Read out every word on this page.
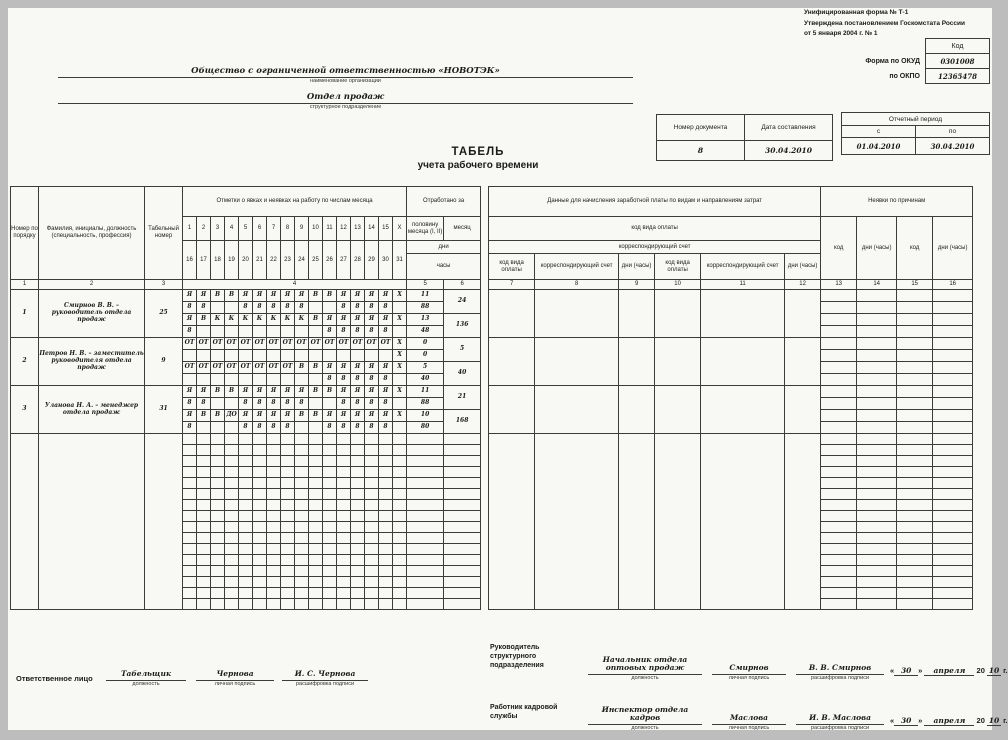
Унифицированная форма № Т-1
Утверждена постановлением Госкомстата России
от 5 января 2004 г. № 1
	Код
Форма по ОКУД	0301008
по ОКПО	12365478
Общество с ограниченной ответственностью «НОВОТЭК»
наименование организации
Отдел продаж
структурное подразделение
Номер документа	Дата составления
8	30.04.2010
Отчетный период	
с	по
01.04.2010	30.04.2010
ТАБЕЛЬ
учета рабочего времени
Номер по порядку	Фамилия, инициалы, должность (специальность, профессия)	Табельный номер	Отметки о явках и неявках на работу по числам месяца																Отработано за			Данные для начисления заработной платы по видам и направлениям затрат						Неявки по причинам			
			1	2	3	4	5	6	7	8	9	10	11	12	13	14	15	Х	половину месяца (I, II)	месяц		код вида оплаты						код	дни (часы)	код	дни (часы)
			16	17	18	19	20	21	22	23	24	25	26	27	28	29	30	31	дни			корреспондирующий счет									
																			часы			код вида оплаты	корреспондирующий счет	дни (часы)	код вида оплаты	корреспондирующий счет	дни (часы)				
1	2	3	4																5	6		7	8	9	10	11	12	13	14	15	16
1	Смирнов В. В. – руководитель отдела продаж	25	Я	Я	В	В	Я	Я	Я	Я	Я	В	В	Я	Я	Я	Я	Х	11	24											
			8	8			8	8	8	8	8			8	8	8	8		88												
			Я	В	К	К	К	К	К	К	К	В	Я	Я	Я	Я	Я	Х	13	136											
			8										8	8	8	8	8		48												
2	Петров Н. В. – заместитель руководителя отдела продаж	9	ОТ	ОТ	ОТ	ОТ	ОТ	ОТ	ОТ	ОТ	ОТ	ОТ	ОТ	ОТ	ОТ	ОТ	ОТ	Х	0	5											
																		Х	0												
			ОТ	ОТ	ОТ	ОТ	ОТ	ОТ	ОТ	ОТ	В	В	Я	Я	Я	Я	Я	Х	5	40											
													8	8	8	8	8		40												
3	Уланова Н. А. – менеджер отдела продаж	31	Я	Я	В	В	Я	Я	Я	Я	Я	В	В	Я	Я	Я	Я	Х	11	21											
			8	8			8	8	8	8	8			8	8	8	8		88												
			Я	В	В	ДО	Я	Я	Я	Я	В	В	Я	Я	Я	Я	Я	Х	10	168											
			8				8	8	8	8			8	8	8	8	8		80												

Ответственное лицо
Табельщик
должность
Чернова
личная подпись
И. С. Чернова
расшифровка подписи
Руководитель структурного подразделения
Начальник отдела оптовых продаж
должность
Смирнов
личная подпись
В. В. Смирнов
расшифровка подписи
« 30 » апреля 20 10 г.
Работник кадровой службы
Инспектор отдела кадров
должность
Маслова
личная подпись
И. В. Маслова
расшифровка подписи
« 30 » апреля 20 10 г.
